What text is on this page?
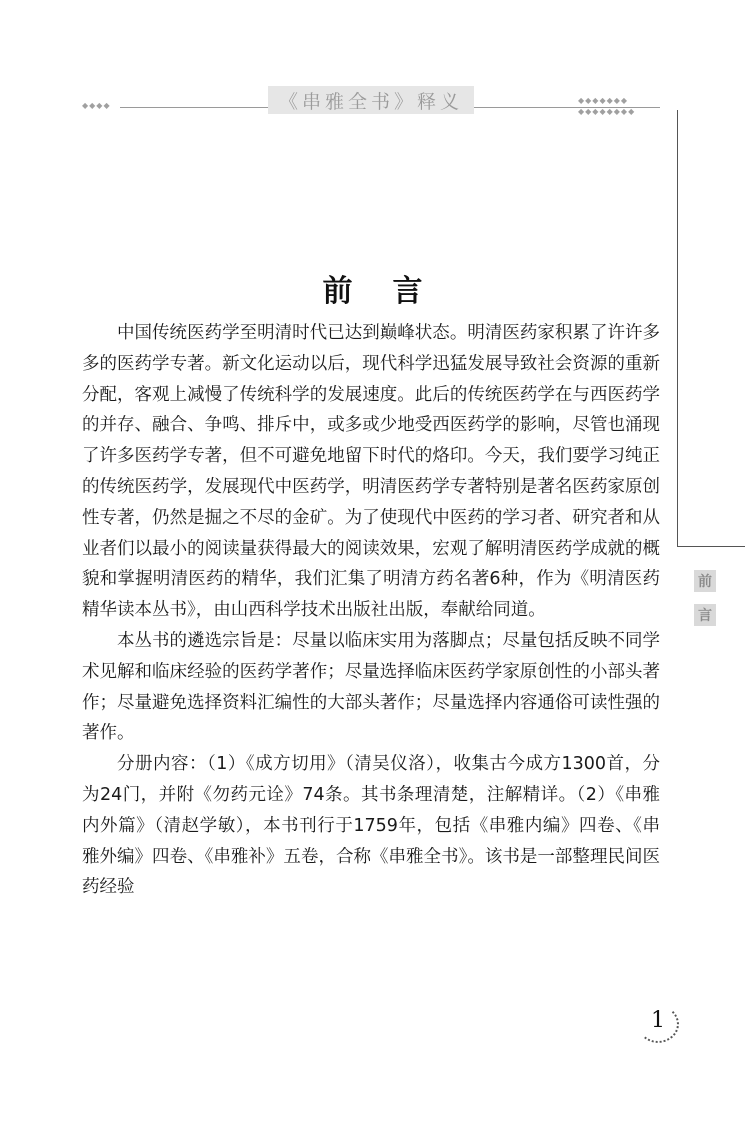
◆◆◆◆	《串雅全书》释义	◆◆◆◆◆◆◆
◆◆◆◆◆◆◆◆
前
言
前言

中国传统医药学至明清时代已达到巅峰状态。明清医药家积累了许许多多的医药学专著。新文化运动以后，现代科学迅猛发展导致社会资源的重新分配，客观上减慢了传统科学的发展速度。此后的传统医药学在与西医药学的并存、融合、争鸣、排斥中，或多或少地受西医药学的影响，尽管也涌现了许多医药学专著，但不可避免地留下时代的烙印。今天，我们要学习纯正的传统医药学，发展现代中医药学，明清医药学专著特别是著名医药家原创性专著，仍然是掘之不尽的金矿。为了使现代中医药的学习者、研究者和从业者们以最小的阅读量获得最大的阅读效果，宏观了解明清医药学成就的概貌和掌握明清医药的精华，我们汇集了明清方药名著6种，作为《明清医药精华读本丛书》，由山西科学技术出版社出版，奉献给同道。

本丛书的遴选宗旨是：尽量以临床实用为落脚点；尽量包括反映不同学术见解和临床经验的医药学著作；尽量选择临床医药学家原创性的小部头著作；尽量避免选择资料汇编性的大部头著作；尽量选择内容通俗可读性强的著作。

分册内容：（1）《成方切用》（清吴仪洛），收集古今成方1300首，分为24门，并附《勿药元诠》74条。其书条理清楚，注解精详。（2）《串雅内外篇》（清赵学敏），本书刊行于1759年，包括《串雅内编》四卷、《串雅外编》四卷、《串雅补》五卷，合称《串雅全书》。该书是一部整理民间医药经验

1
